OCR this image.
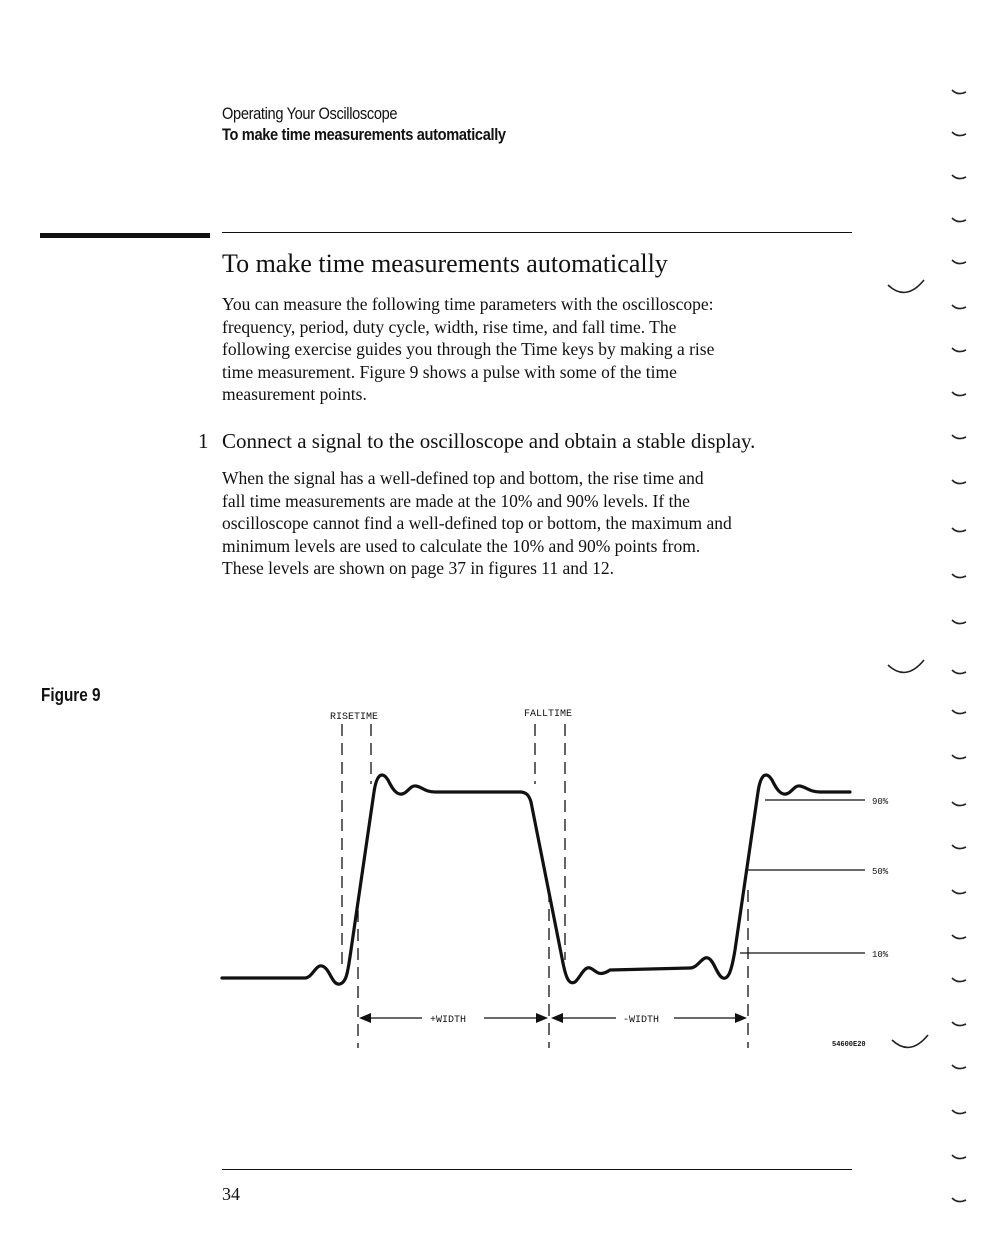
Operating Your Oscilloscope
To make time measurements automatically
To make time measurements automatically
You can measure the following time parameters with the oscilloscope:
frequency, period, duty cycle, width, rise time, and fall time. The
following exercise guides you through the Time keys by making a rise
time measurement. Figure 9 shows a pulse with some of the time
measurement points.
1 Connect a signal to the oscilloscope and obtain a stable display.
When the signal has a well-defined top and bottom, the rise time and
fall time measurements are made at the 10% and 90% levels. If the
oscilloscope cannot find a well-defined top or bottom, the maximum and
minimum levels are used to calculate the 10% and 90% points from.
These levels are shown on page 37 in figures 11 and 12.
Figure 9
RISETIME	FALLTIME
90%
50%
10%
+WIDTH	-WIDTH
54600E20
34
